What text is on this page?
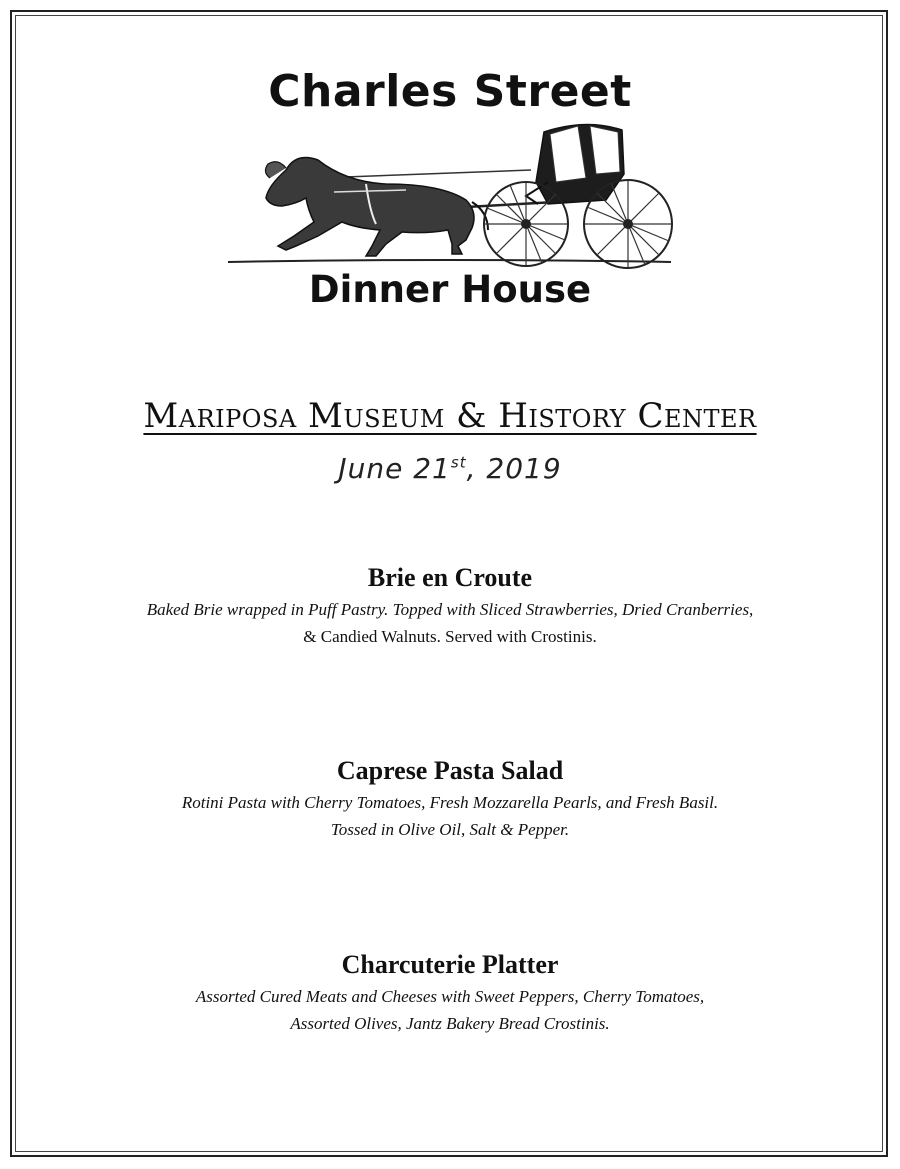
Charles Street
Dinner House
Mariposa Museum & History Center
June 21st, 2019
Brie en Croute
Baked Brie wrapped in Puff Pastry. Topped with Sliced Strawberries, Dried Cranberries,
& Candied Walnuts. Served with Crostinis.
Caprese Pasta Salad
Rotini Pasta with Cherry Tomatoes, Fresh Mozzarella Pearls, and Fresh Basil.
Tossed in Olive Oil, Salt & Pepper.
Charcuterie Platter
Assorted Cured Meats and Cheeses with Sweet Peppers, Cherry Tomatoes,
Assorted Olives, Jantz Bakery Bread Crostinis.
